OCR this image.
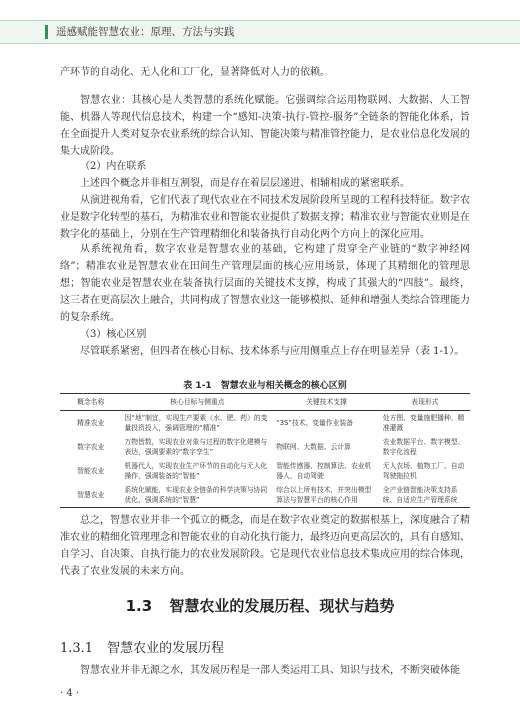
遥感赋能智慧农业：原理、方法与实践

产环节的自动化、无人化和工厂化，显著降低对人力的依赖。

智慧农业：其核心是人类智慧的系统化赋能。它强调综合运用物联网、大数据、人工智能、机器人等现代信息技术，构建一个“感知-决策-执行-管控-服务”全链条的智能化体系，旨在全面提升人类对复杂农业系统的综合认知、智能决策与精准管控能力，是农业信息化发展的集大成阶段。

（2）内在联系

上述四个概念并非相互割裂，而是存在着层层递进、相辅相成的紧密联系。

从演进视角看，它们代表了现代农业在不同技术发展阶段所呈现的工程科技特征。数字农业是数字化转型的基石，为精准农业和智能农业提供了数据支撑；精准农业与智能农业则是在数字化的基础上，分别在生产管理精细化和装备执行自动化两个方向上的深化应用。

从系统视角看，数字农业是智慧农业的基础，它构建了贯穿全产业链的“数字神经网络”；精准农业是智慧农业在田间生产管理层面的核心应用场景，体现了其精细化的管理思想；智能农业是智慧农业在装备执行层面的关键技术支撑，构成了其强大的“四肢”。最终，这三者在更高层次上融合，共同构成了智慧农业这一能够模拟、延伸和增强人类综合管理能力的复杂系统。

（3）核心区别

尽管联系紧密，但四者在核心目标、技术体系与应用侧重点上存在明显差异（表 1-1）。

表 1-1　智慧农业与相关概念的核心区别
概念名称	核心目标与侧重点	关键技术支撑	表现形式
精准农业	因“地”制宜，实现生产要素（水、肥、药）的变量投资投入，强调管理的“精准”	“3S”技术、变量作业装备	处方图、变量施肥播种、精准灌溉
数字农业	万物皆数，实现农业对象与过程的数字化建模与表达，强调要素的“数字孪生”	物联网、大数据、云计算	农业数据平台、数字模型、数字化流程
智能农业	机器代人，实现农业生产环节的自动化与无人化操作，强调装备的“智能”	智能传感器、控制算法、农业机器人、自动驾驶	无人农场、植物工厂、自动驾驶拖拉机
智慧农业	系统化赋能，实现农业全链条的科学决策与协同优化，强调系统的“智慧”	综合以上所有技术，并突出模型算法与智慧平台的核心作用	全产业链智能决策支持系统、自适应生产管理系统

总之，智慧农业并非一个孤立的概念，而是在数字农业奠定的数据根基上，深度融合了精准农业的精细化管理理念和智能农业的自动化执行能力，最终迈向更高层次的，具有自感知、自学习、自决策、自执行能力的农业发展阶段。它是现代农业信息技术集成应用的综合体现，代表了农业发展的未来方向。

1.3 智慧农业的发展历程、现状与趋势
1.3.1 智慧农业的发展历程

智慧农业并非无源之水，其发展历程是一部人类运用工具、知识与技术，不断突破体能

· 4 ·
